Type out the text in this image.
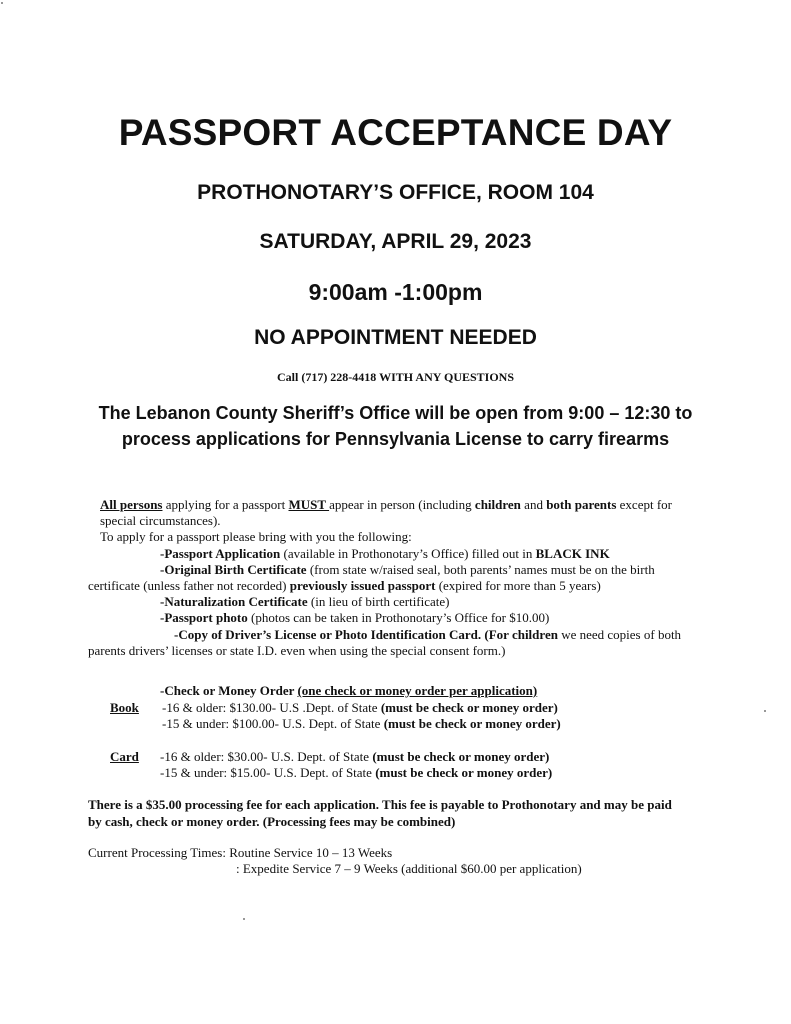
PASSPORT ACCEPTANCE DAY
PROTHONOTARY’S OFFICE, ROOM 104
SATURDAY, APRIL 29, 2023
9:00am -1:00pm
NO APPOINTMENT NEEDED
Call (717) 228-4418 WITH ANY QUESTIONS
The Lebanon County Sheriff’s Office will be open from 9:00 – 12:30 to process applications for Pennsylvania License to carry firearms

All persons applying for a passport MUST appear in person (including children and both parents except for special circumstances).

To apply for a passport please bring with you the following:

-Passport Application (available in Prothonotary’s Office) filled out in BLACK INK

-Original Birth Certificate (from state w/raised seal, both parents’ names must be on the birth certificate (unless father not recorded) previously issued passport (expired for more than 5 years)

-Naturalization Certificate (in lieu of birth certificate)

-Passport photo (photos can be taken in Prothonotary’s Office for $10.00)

-Copy of Driver’s License or Photo Identification Card. (For children we need copies of both parents drivers’ licenses or state I.D. even when using the special consent form.)

-Check or Money Order (one check or money order per application)
Book -16 & older: $130.00- U.S .Dept. of State (must be check or money order)
-15 & under: $100.00- U.S. Dept. of State (must be check or money order)
Card -16 & older: $30.00- U.S. Dept. of State (must be check or money order)
-15 & under: $15.00- U.S. Dept. of State (must be check or money order)
There is a $35.00 processing fee for each application. This fee is payable to Prothonotary and may be paid by cash, check or money order. (Processing fees may be combined)
Current Processing Times: Routine Service 10 – 13 Weeks
: Expedite Service 7 – 9 Weeks (additional $60.00 per application)
